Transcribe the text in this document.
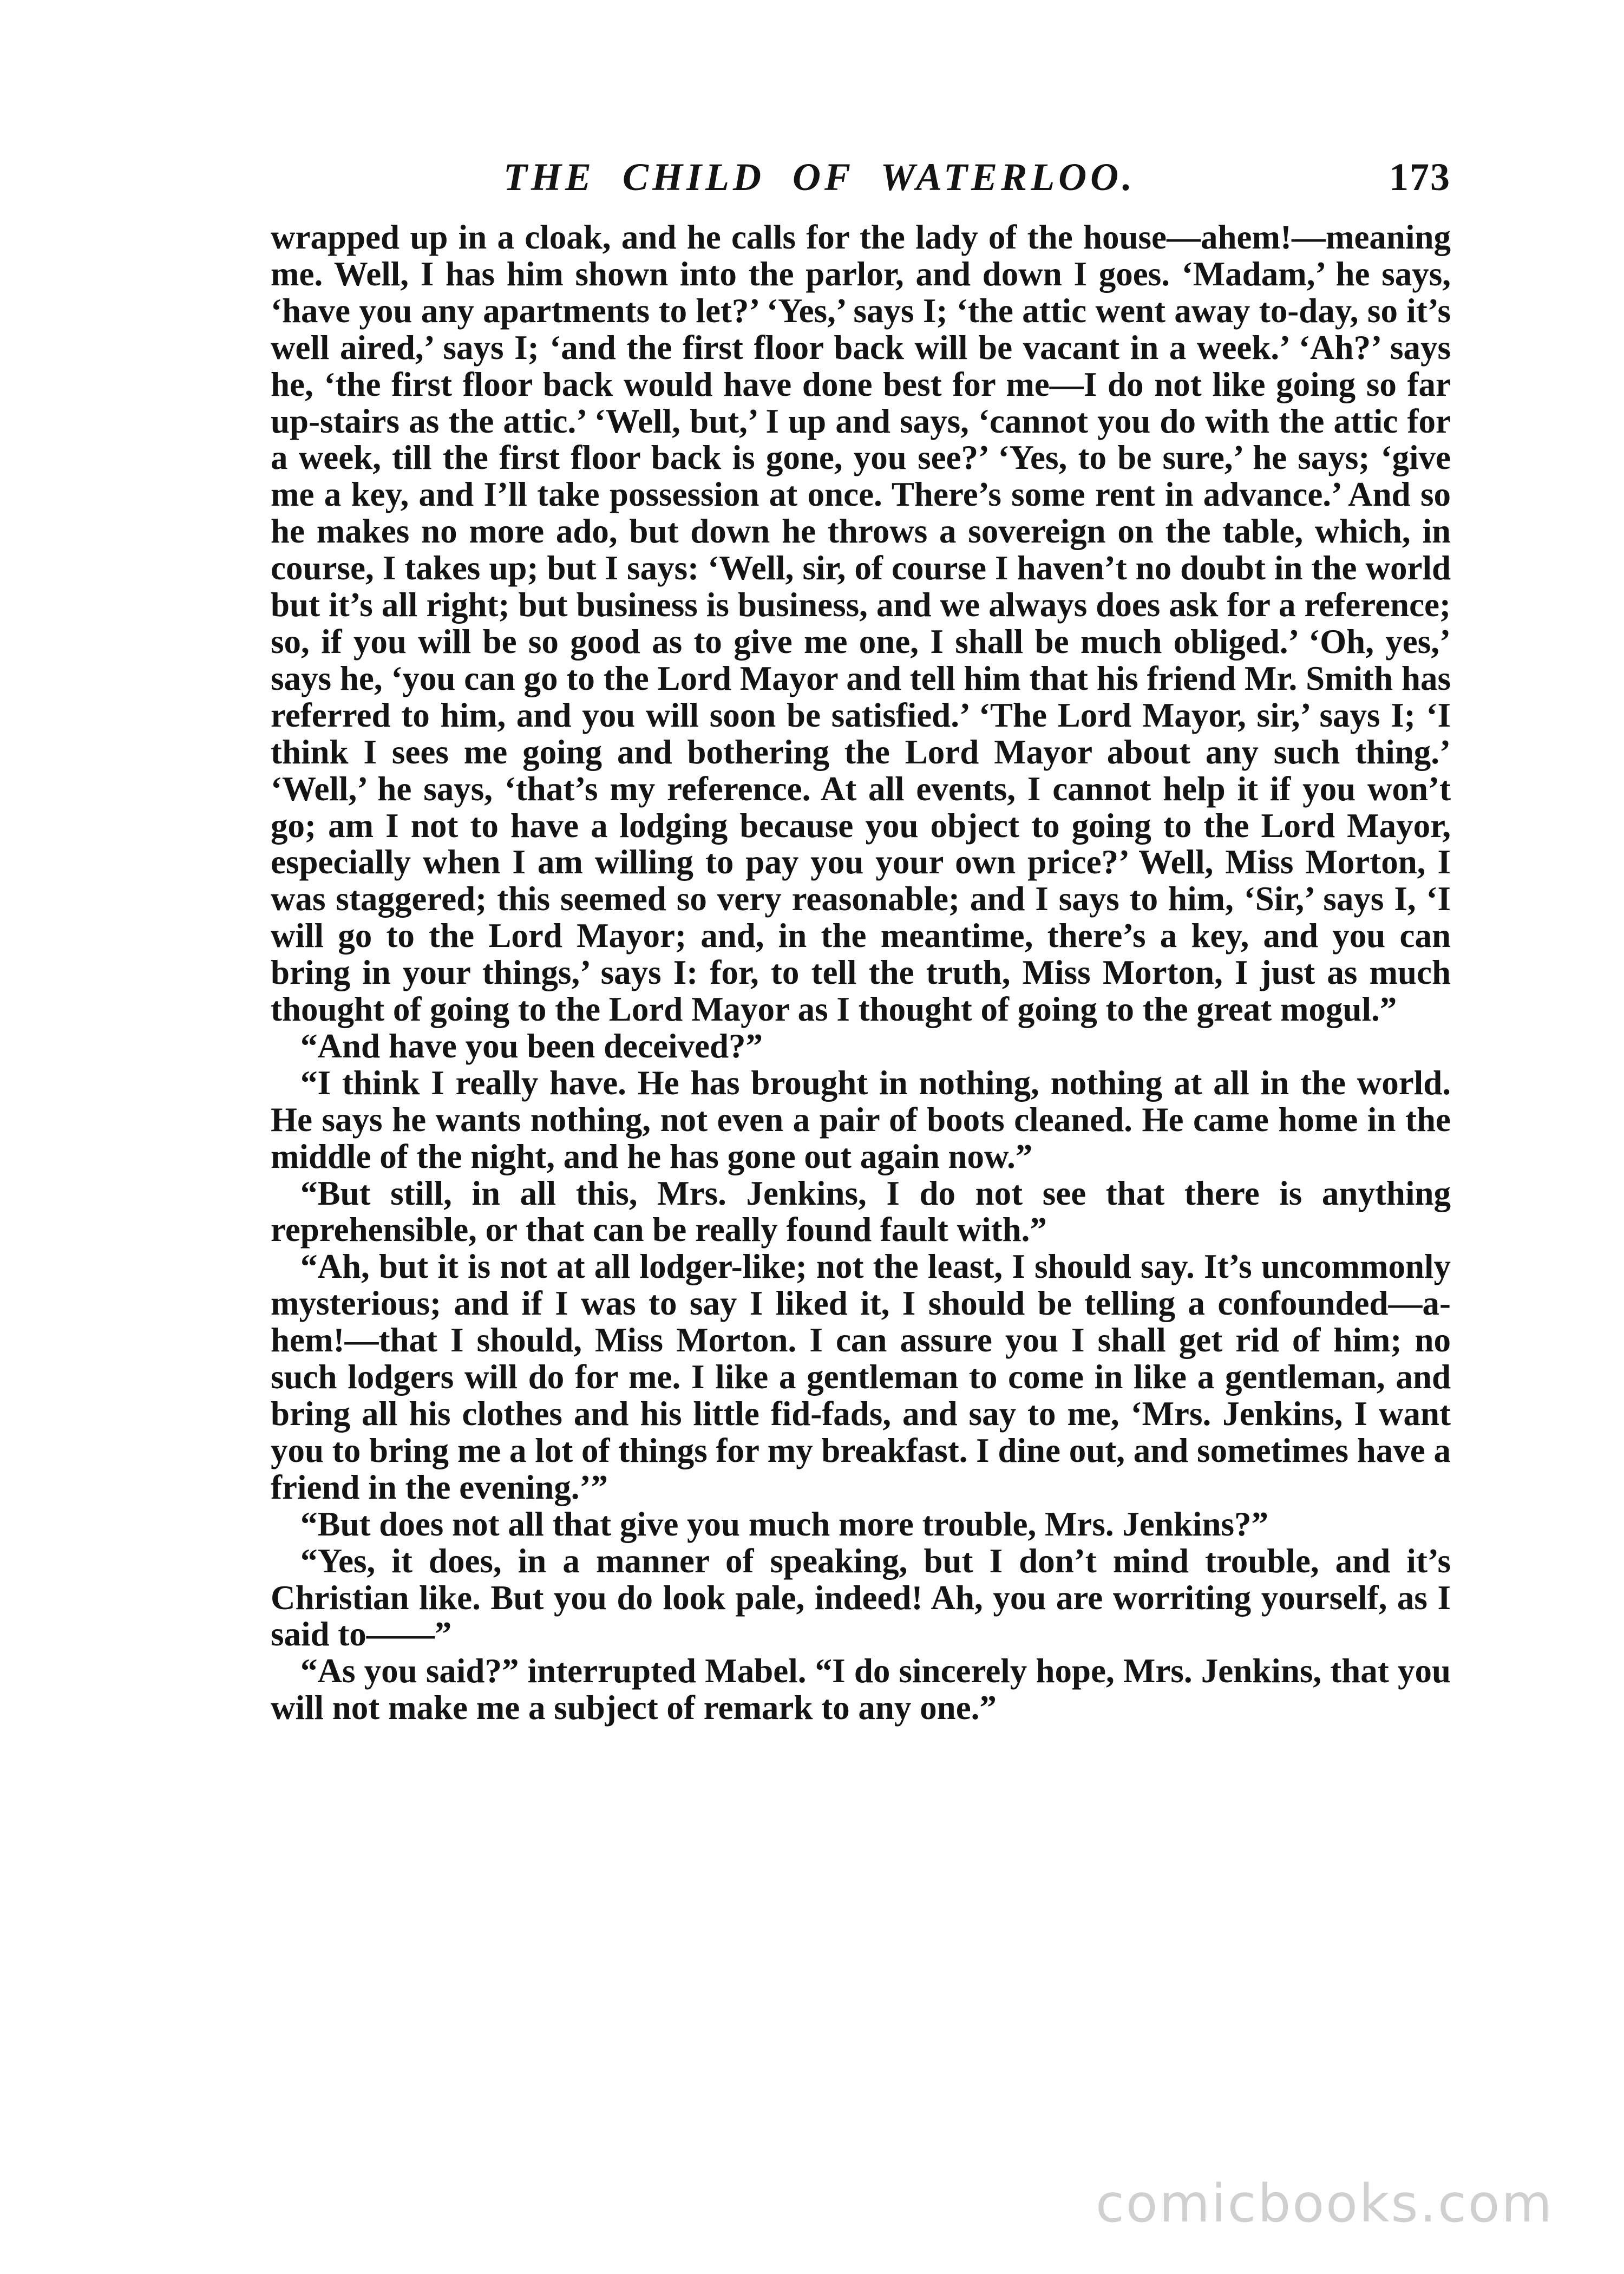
THE CHILD OF WATERLOO.	173

wrapped up in a cloak, and he calls for the lady of the house—ahem!—meaning me. Well, I has him shown into the parlor, and down I goes. ‘Madam,’ he says, ‘have you any apartments to let?’ ‘Yes,’ says I; ‘the attic went away to-day, so it’s well aired,’ says I; ‘and the first floor back will be vacant in a week.’ ‘Ah?’ says he, ‘the first floor back would have done best for me—I do not like going so far up-stairs as the attic.’ ‘Well, but,’ I up and says, ‘cannot you do with the attic for a week, till the first floor back is gone, you see?’ ‘Yes, to be sure,’ he says; ‘give me a key, and I’ll take possession at once. There’s some rent in advance.’ And so he makes no more ado, but down he throws a sovereign on the table, which, in course, I takes up; but I says: ‘Well, sir, of course I haven’t no doubt in the world but it’s all right; but business is business, and we always does ask for a reference; so, if you will be so good as to give me one, I shall be much obliged.’ ‘Oh, yes,’ says he, ‘you can go to the Lord Mayor and tell him that his friend Mr. Smith has referred to him, and you will soon be satisfied.’ ‘The Lord Mayor, sir,’ says I; ‘I think I sees me going and bothering the Lord Mayor about any such thing.’ ‘Well,’ he says, ‘that’s my reference. At all events, I cannot help it if you won’t go; am I not to have a lodging because you object to going to the Lord Mayor, especially when I am willing to pay you your own price?’ Well, Miss Morton, I was staggered; this seemed so very reasonable; and I says to him, ‘Sir,’ says I, ‘I will go to the Lord Mayor; and, in the meantime, there’s a key, and you can bring in your things,’ says I: for, to tell the truth, Miss Morton, I just as much thought of going to the Lord Mayor as I thought of going to the great mogul.”

“And have you been deceived?”

“I think I really have. He has brought in nothing, nothing at all in the world. He says he wants nothing, not even a pair of boots cleaned. He came home in the middle of the night, and he has gone out again now.”

“But still, in all this, Mrs. Jenkins, I do not see that there is anything reprehensible, or that can be really found fault with.”

“Ah, but it is not at all lodger-like; not the least, I should say. It’s uncommonly mysterious; and if I was to say I liked it, I should be telling a confounded—a-hem!—that I should, Miss Morton. I can assure you I shall get rid of him; no such lodgers will do for me. I like a gentleman to come in like a gentleman, and bring all his clothes and his little fid-fads, and say to me, ‘Mrs. Jenkins, I want you to bring me a lot of things for my breakfast. I dine out, and sometimes have a friend in the evening.’”

“But does not all that give you much more trouble, Mrs. Jenkins?”

“Yes, it does, in a manner of speaking, but I don’t mind trouble, and it’s Christian like. But you do look pale, indeed! Ah, you are worriting yourself, as I said to——”

“As you said?” interrupted Mabel. “I do sincerely hope, Mrs. Jenkins, that you will not make me a subject of remark to any one.”

comicbooks.com
